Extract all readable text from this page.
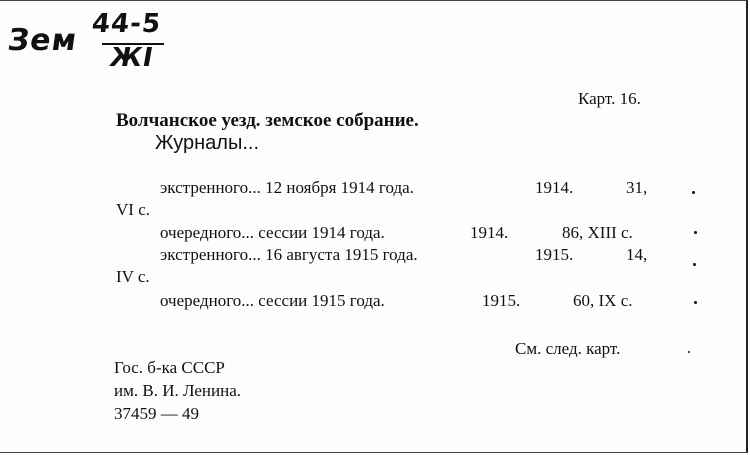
Зем 44-5
ЖI
Карт. 16.
Волчанское уезд. земское собрание.
Журналы...
экстренного... 12 ноября 1914 года.	1914.	31,
VI с.
очередного... сессии 1914 года.	1914.	86, XIII с.
экстренного... 16 августа 1915 года.	1915.	14,
IV с.
очередного... сессии 1915 года.	1915.	60, IX с.
См. след. карт.
Гос. б-ка СССР
им. В. И. Ленина.
37459 — 49
